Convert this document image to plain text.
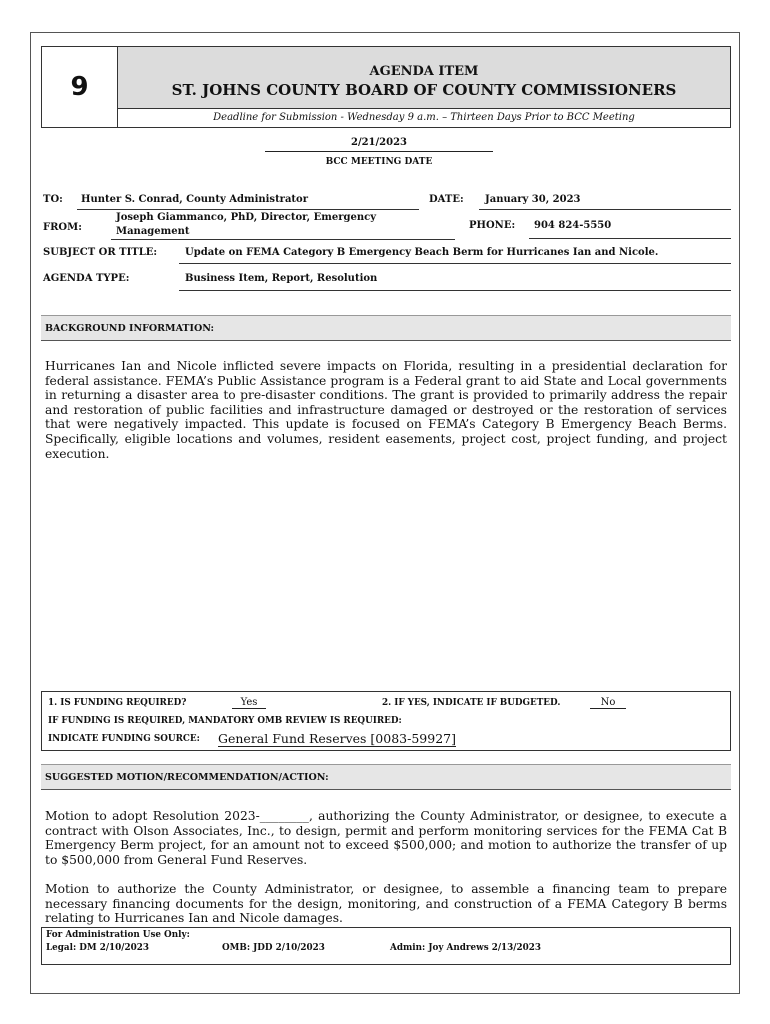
9
AGENDA ITEM
ST. JOHNS COUNTY BOARD OF COUNTY COMMISSIONERS
Deadline for Submission - Wednesday 9 a.m. – Thirteen Days Prior to BCC Meeting
2/21/2023
BCC MEETING DATE
TO: Hunter S. Conrad, County Administrator	DATE: January 30, 2023
FROM:
Joseph Giammanco, PhD, Director, Emergency
Management
PHONE: 904 824-5550
SUBJECT OR TITLE:	Update on FEMA Category B Emergency Beach Berm for Hurricanes Ian and Nicole.
AGENDA TYPE:	Business Item, Report, Resolution
BACKGROUND INFORMATION:
Hurricanes Ian and Nicole inflicted severe impacts on Florida, resulting in a presidential declaration for federal assistance. FEMA’s Public Assistance program is a Federal grant to aid State and Local governments in returning a disaster area to pre-disaster conditions. The grant is provided to primarily address the repair and restoration of public facilities and infrastructure damaged or destroyed or the restoration of services that were negatively impacted. This update is focused on FEMA’s Category B Emergency Beach Berms. Specifically, eligible locations and volumes, resident easements, project cost, project funding, and project execution.
1. IS FUNDING REQUIRED?	Yes	2. IF YES, INDICATE IF BUDGETED.	No
IF FUNDING IS REQUIRED, MANDATORY OMB REVIEW IS REQUIRED:
INDICATE FUNDING SOURCE: General Fund Reserves [0083-59927]
SUGGESTED MOTION/RECOMMENDATION/ACTION:
Motion to adopt Resolution 2023-________, authorizing the County Administrator, or designee, to execute a contract with Olson Associates, Inc., to design, permit and perform monitoring services for the FEMA Cat B Emergency Berm project, for an amount not to exceed $500,000; and motion to authorize the transfer of up to $500,000 from General Fund Reserves.
Motion to authorize the County Administrator, or designee, to assemble a financing team to prepare necessary financing documents for the design, monitoring, and construction of a FEMA Category B berms relating to Hurricanes Ian and Nicole damages.
For Administration Use Only:
Legal: DM 2/10/2023	OMB: JDD 2/10/2023	Admin: Joy Andrews 2/13/2023
